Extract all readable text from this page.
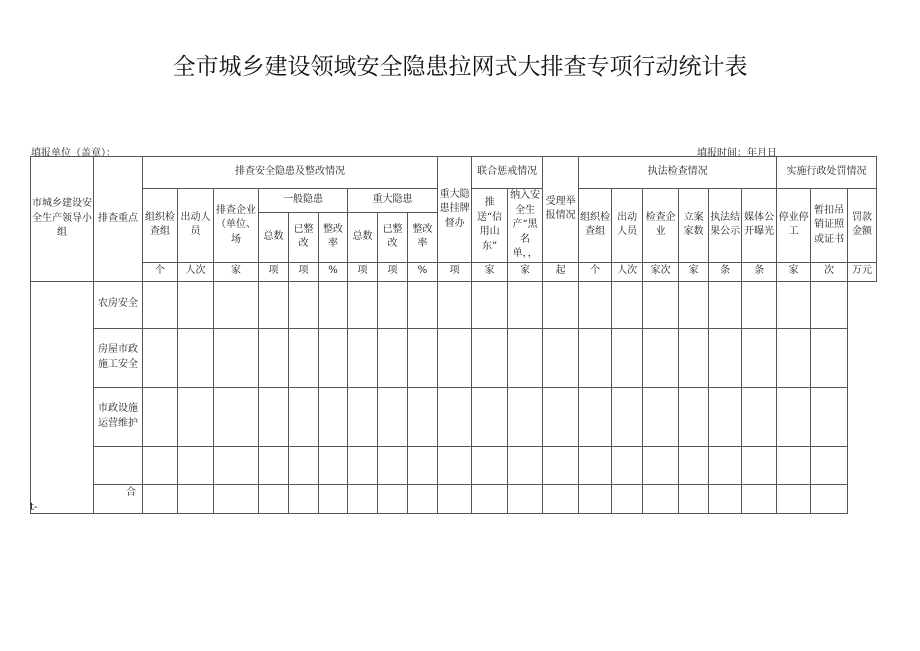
全市城乡建设领域安全隐患拉网式大排查专项行动统计表
填报单位（盖章）：	填报时间：年月日
市城乡建设安全生产领导小组	排查重点	排查安全隐患及整改情况									重大隐患挂牌督办	联合惩戒情况		受理举报情况	执法检查情况						实施行政处罚情况		
		组织检查组	出动人员	排查企业（单位、场	一般隐患			重大隐患				推送“信用山东”	纳入安全生产“黑名单，，		组织检查组	出动人员	检查企业	立案家数	执法结果公示	媒体公开曝光	停业停工	暂扣吊销证照或证书	罚款金额
					总数	已整改	整改率	总数	已整改	整改率													
		个	人次	家	项	项	%	项	项	%	项	家	家	起	个	人次	家次	家	条	条	家	次	万元
	农房安全																						
	房屋市政施工安全																						
	市政设施运营维护																						

	合																						

t-
